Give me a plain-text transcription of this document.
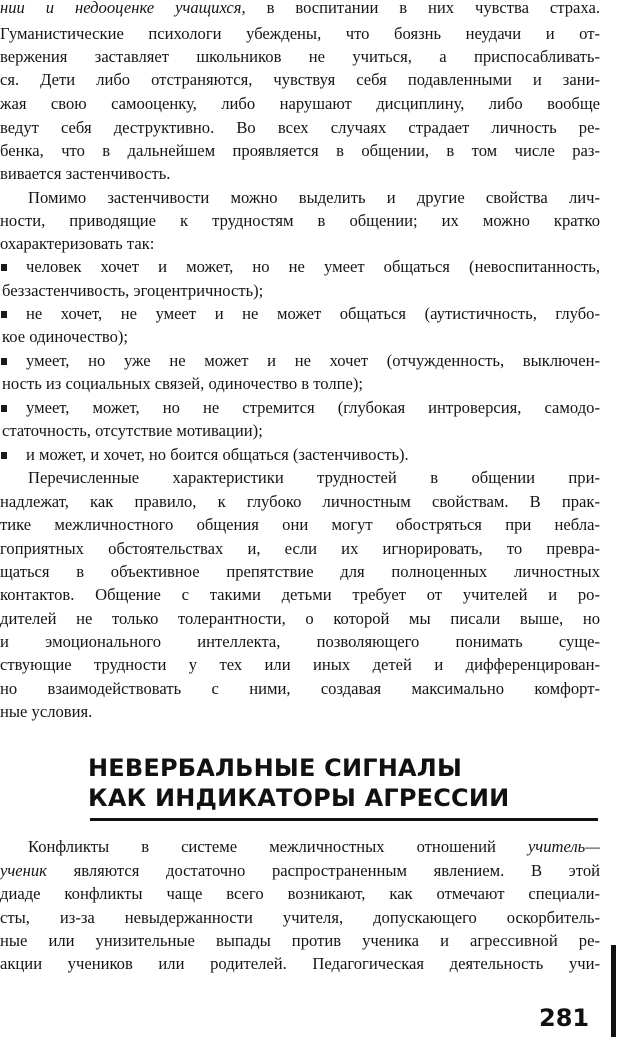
нии и недооценке учащихся, в воспитании в них чувства страха.
Гуманистические психологи убеждены, что боязнь неудачи и от-
вержения заставляет школьников не учиться, а приспосабливать-
ся. Дети либо отстраняются, чувствуя себя подавленными и зани-
жая свою самооценку, либо нарушают дисциплину, либо вообще
ведут себя деструктивно. Во всех случаях страдает личность ре-
бенка, что в дальнейшем проявляется в общении, в том числе раз-
вивается застенчивость.
Помимо застенчивости можно выделить и другие свойства лич-
ности, приводящие к трудностям в общении; их можно кратко
охарактеризовать так:
человек хочет и может, но не умеет общаться (невоспитанность,
беззастенчивость, эгоцентричность);
не хочет, не умеет и не может общаться (аутистичность, глубо-
кое одиночество);
умеет, но уже не может и не хочет (отчужденность, выключен-
ность из социальных связей, одиночество в толпе);
умеет, может, но не стремится (глубокая интроверсия, самодо-
статочность, отсутствие мотивации);
и может, и хочет, но боится общаться (застенчивость).
Перечисленные характеристики трудностей в общении при-
надлежат, как правило, к глубоко личностным свойствам. В прак-
тике межличностного общения они могут обостряться при небла-
гоприятных обстоятельствах и, если их игнорировать, то превра-
щаться в объективное препятствие для полноценных личностных
контактов. Общение с такими детьми требует от учителей и ро-
дителей не только толерантности, о которой мы писали выше, но
и эмоционального интеллекта, позволяющего понимать суще-
ствующие трудности у тех или иных детей и дифференцирован-
но взаимодействовать с ними, создавая максимально комфорт-
ные условия.
НЕВЕРБАЛЬНЫЕ СИГНАЛЫ
КАК ИНДИКАТОРЫ АГРЕССИИ
Конфликты в системе межличностных отношений учитель—
ученик являются достаточно распространенным явлением. В этой
диаде конфликты чаще всего возникают, как отмечают специали-
сты, из-за невыдержанности учителя, допускающего оскорбитель-
ные или унизительные выпады против ученика и агрессивной ре-
акции учеников или родителей. Педагогическая деятельность учи-
281
